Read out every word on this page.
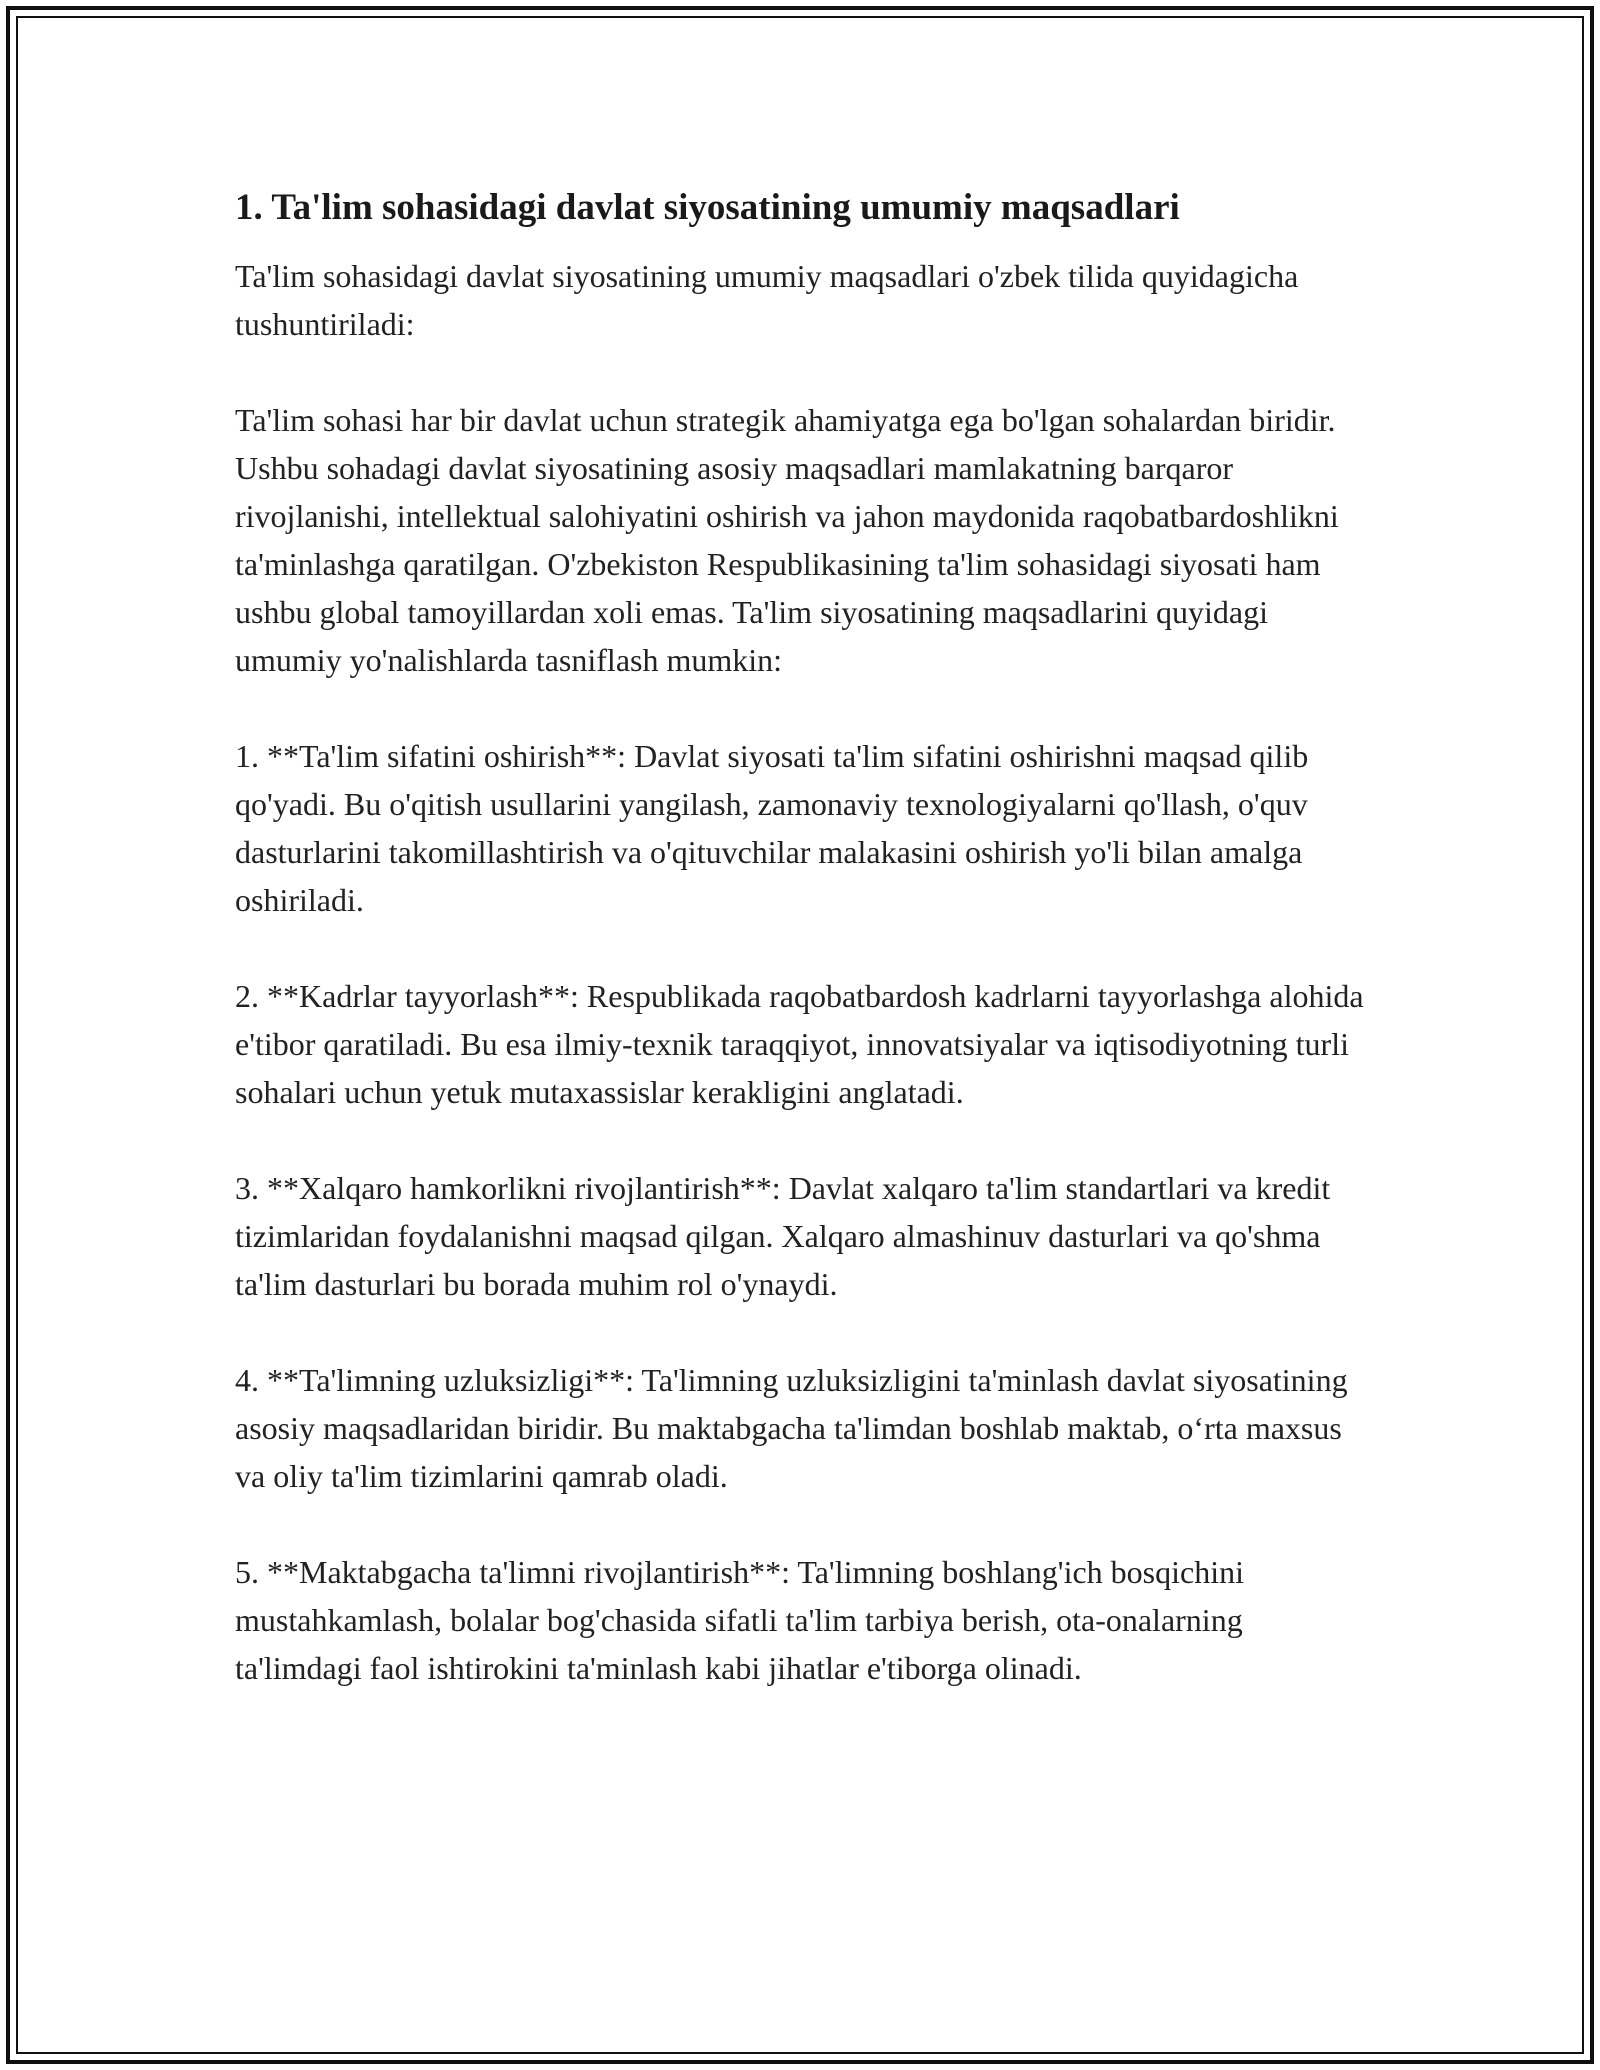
1. Ta'lim sohasidagi davlat siyosatining umumiy maqsadlari

Ta'lim sohasidagi davlat siyosatining umumiy maqsadlari o'zbek tilida quyidagicha tushuntiriladi:

Ta'lim sohasi har bir davlat uchun strategik ahamiyatga ega bo'lgan sohalardan biridir. Ushbu sohadagi davlat siyosatining asosiy maqsadlari mamlakatning barqaror rivojlanishi, intellektual salohiyatini oshirish va jahon maydonida raqobatbardoshlikni ta'minlashga qaratilgan. O'zbekiston Respublikasining ta'lim sohasidagi siyosati ham ushbu global tamoyillardan xoli emas. Ta'lim siyosatining maqsadlarini quyidagi umumiy yo'nalishlarda tasniflash mumkin:

1. **Ta'lim sifatini oshirish**: Davlat siyosati ta'lim sifatini oshirishni maqsad qilib qo'yadi. Bu o'qitish usullarini yangilash, zamonaviy texnologiyalarni qo'llash, o'quv dasturlarini takomillashtirish va o'qituvchilar malakasini oshirish yo'li bilan amalga oshiriladi.

2. **Kadrlar tayyorlash**: Respublikada raqobatbardosh kadrlarni tayyorlashga alohida e'tibor qaratiladi. Bu esa ilmiy-texnik taraqqiyot, innovatsiyalar va iqtisodiyotning turli sohalari uchun yetuk mutaxassislar kerakligini anglatadi.

3. **Xalqaro hamkorlikni rivojlantirish**: Davlat xalqaro ta'lim standartlari va kredit tizimlaridan foydalanishni maqsad qilgan. Xalqaro almashinuv dasturlari va qo'shma ta'lim dasturlari bu borada muhim rol o'ynaydi.

4. **Ta'limning uzluksizligi**: Ta'limning uzluksizligini ta'minlash davlat siyosatining asosiy maqsadlaridan biridir. Bu maktabgacha ta'limdan boshlab maktab, o‘rta maxsus va oliy ta'lim tizimlarini qamrab oladi.

5. **Maktabgacha ta'limni rivojlantirish**: Ta'limning boshlang'ich bosqichini mustahkamlash, bolalar bog'chasida sifatli ta'lim tarbiya berish, ota-onalarning ta'limdagi faol ishtirokini ta'minlash kabi jihatlar e'tiborga olinadi.
